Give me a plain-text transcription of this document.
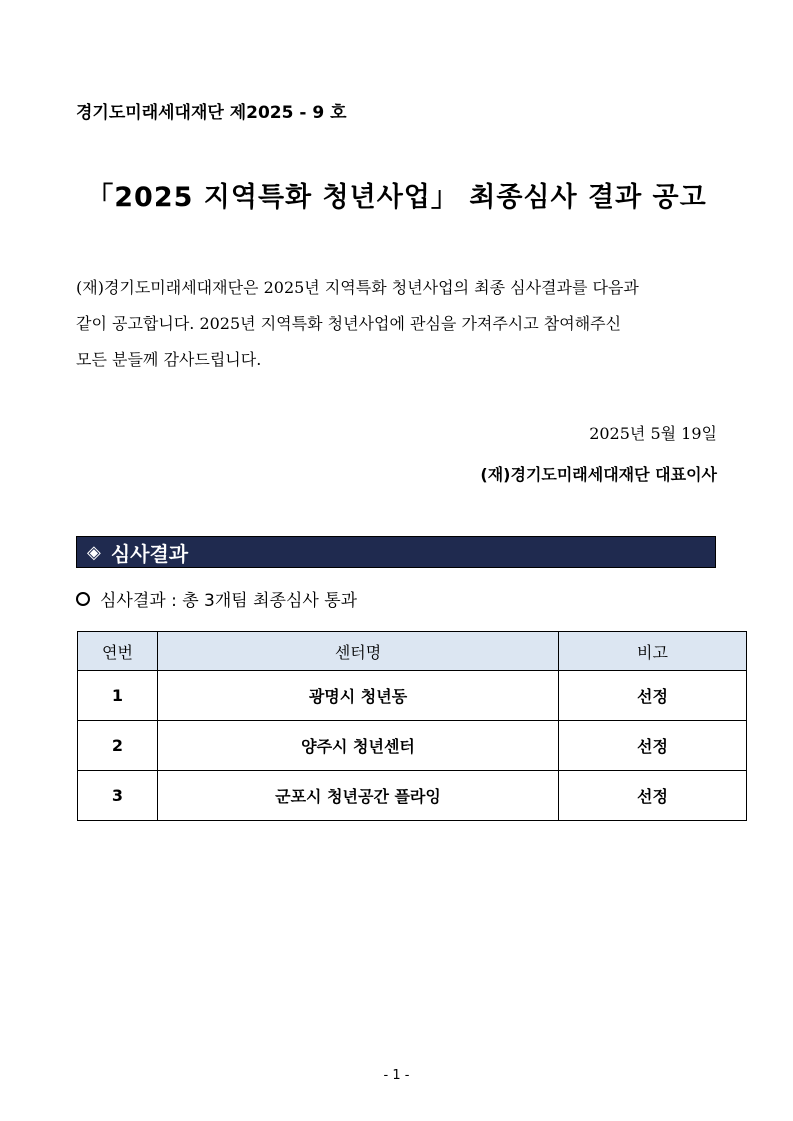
경기도미래세대재단 제2025 - 9 호
「2025 지역특화 청년사업」 최종심사 결과 공고
(재)경기도미래세대재단은 2025년 지역특화 청년사업의 최종 심사결과를 다음과
같이 공고합니다. 2025년 지역특화 청년사업에 관심을 가져주시고 참여해주신
모든 분들께 감사드립니다.
2025년 5월 19일
(재)경기도미래세대재단 대표이사
◈ 심사결과
심사결과 : 총 3개팀 최종심사 통과
연번	센터명	비고
1	광명시 청년동	선정
2	양주시 청년센터	선정
3	군포시 청년공간 플라잉	선정
- 1 -
